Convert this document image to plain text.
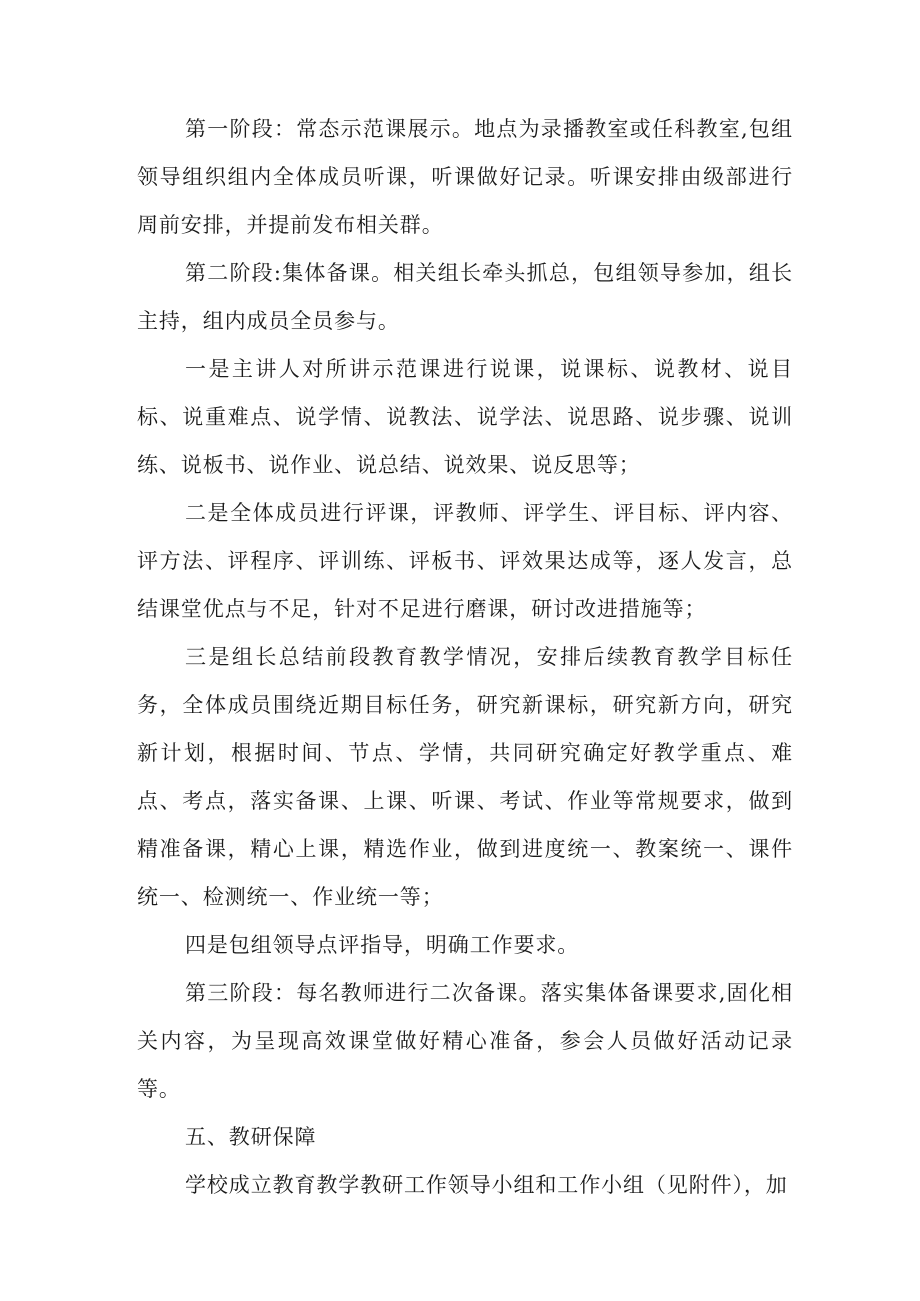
第一阶段：常态示范课展示。地点为录播教室或任科教室,包组领导组织组内全体成员听课，听课做好记录。听课安排由级部进行周前安排，并提前发布相关群。

第二阶段:集体备课。相关组长牵头抓总，包组领导参加，组长主持，组内成员全员参与。

一是主讲人对所讲示范课进行说课，说课标、说教材、说目标、说重难点、说学情、说教法、说学法、说思路、说步骤、说训练、说板书、说作业、说总结、说效果、说反思等；

二是全体成员进行评课，评教师、评学生、评目标、评内容、评方法、评程序、评训练、评板书、评效果达成等，逐人发言，总结课堂优点与不足，针对不足进行磨课，研讨改进措施等；

三是组长总结前段教育教学情况，安排后续教育教学目标任务，全体成员围绕近期目标任务，研究新课标，研究新方向，研究新计划，根据时间、节点、学情，共同研究确定好教学重点、难点、考点，落实备课、上课、听课、考试、作业等常规要求，做到精准备课，精心上课，精选作业，做到进度统一、教案统一、课件统一、检测统一、作业统一等；

四是包组领导点评指导，明确工作要求。

第三阶段：每名教师进行二次备课。落实集体备课要求,固化相关内容，为呈现高效课堂做好精心准备，参会人员做好活动记录等。

五、教研保障

学校成立教育教学教研工作领导小组和工作小组（见附件），加
